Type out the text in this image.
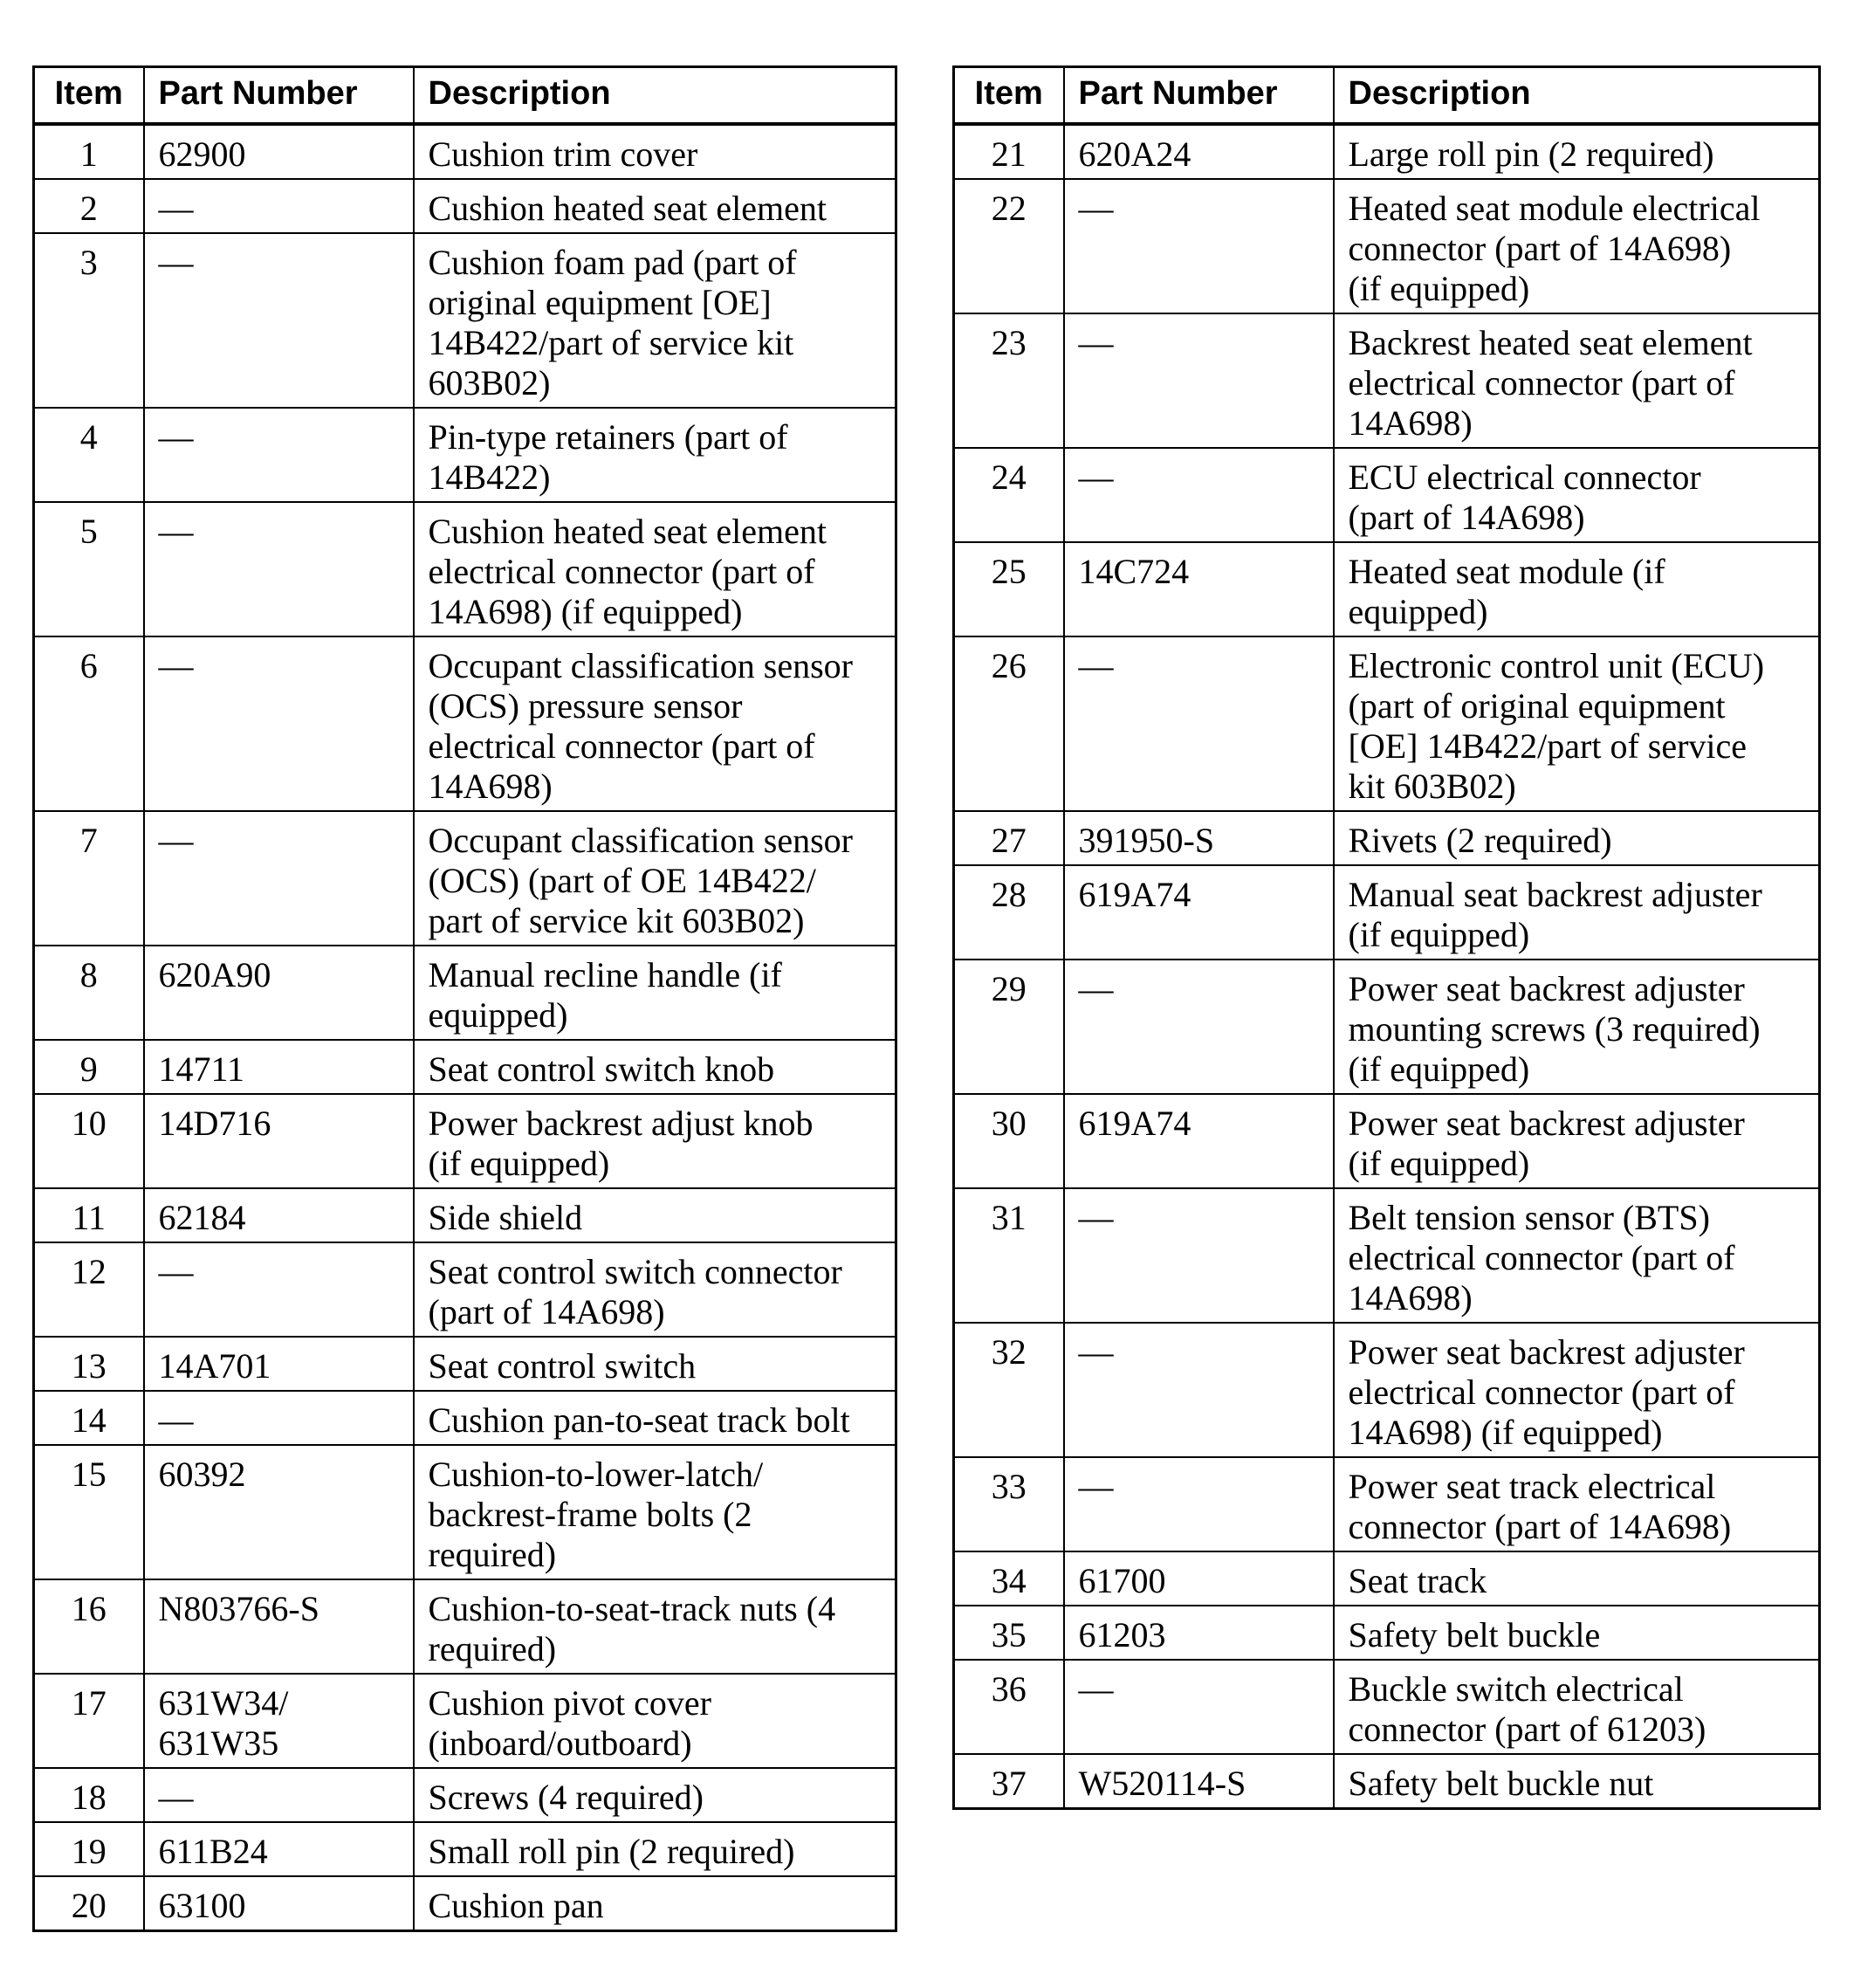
Item	Part Number	Description
1	62900	Cushion trim cover
2	—	Cushion heated seat element
3	—	Cushion foam pad (part of
original equipment [OE]
14B422/part of service kit
603B02)
4	—	Pin-type retainers (part of
14B422)
5	—	Cushion heated seat element
electrical connector (part of
14A698) (if equipped)
6	—	Occupant classification sensor
(OCS) pressure sensor
electrical connector (part of
14A698)
7	—	Occupant classification sensor
(OCS) (part of OE 14B422/
part of service kit 603B02)
8	620A90	Manual recline handle (if
equipped)
9	14711	Seat control switch knob
10	14D716	Power backrest adjust knob
(if equipped)
11	62184	Side shield
12	—	Seat control switch connector
(part of 14A698)
13	14A701	Seat control switch
14	—	Cushion pan-to-seat track bolt
15	60392	Cushion-to-lower-latch/
backrest-frame bolts (2
required)
16	N803766-S	Cushion-to-seat-track nuts (4
required)
17	631W34/
631W35	Cushion pivot cover
(inboard/outboard)
18	—	Screws (4 required)
19	611B24	Small roll pin (2 required)
20	63100	Cushion pan
Item	Part Number	Description
21	620A24	Large roll pin (2 required)
22	—	Heated seat module electrical
connector (part of 14A698)
(if equipped)
23	—	Backrest heated seat element
electrical connector (part of
14A698)
24	—	ECU electrical connector
(part of 14A698)
25	14C724	Heated seat module (if
equipped)
26	—	Electronic control unit (ECU)
(part of original equipment
[OE] 14B422/part of service
kit 603B02)
27	391950-S	Rivets (2 required)
28	619A74	Manual seat backrest adjuster
(if equipped)
29	—	Power seat backrest adjuster
mounting screws (3 required)
(if equipped)
30	619A74	Power seat backrest adjuster
(if equipped)
31	—	Belt tension sensor (BTS)
electrical connector (part of
14A698)
32	—	Power seat backrest adjuster
electrical connector (part of
14A698) (if equipped)
33	—	Power seat track electrical
connector (part of 14A698)
34	61700	Seat track
35	61203	Safety belt buckle
36	—	Buckle switch electrical
connector (part of 61203)
37	W520114-S	Safety belt buckle nut
